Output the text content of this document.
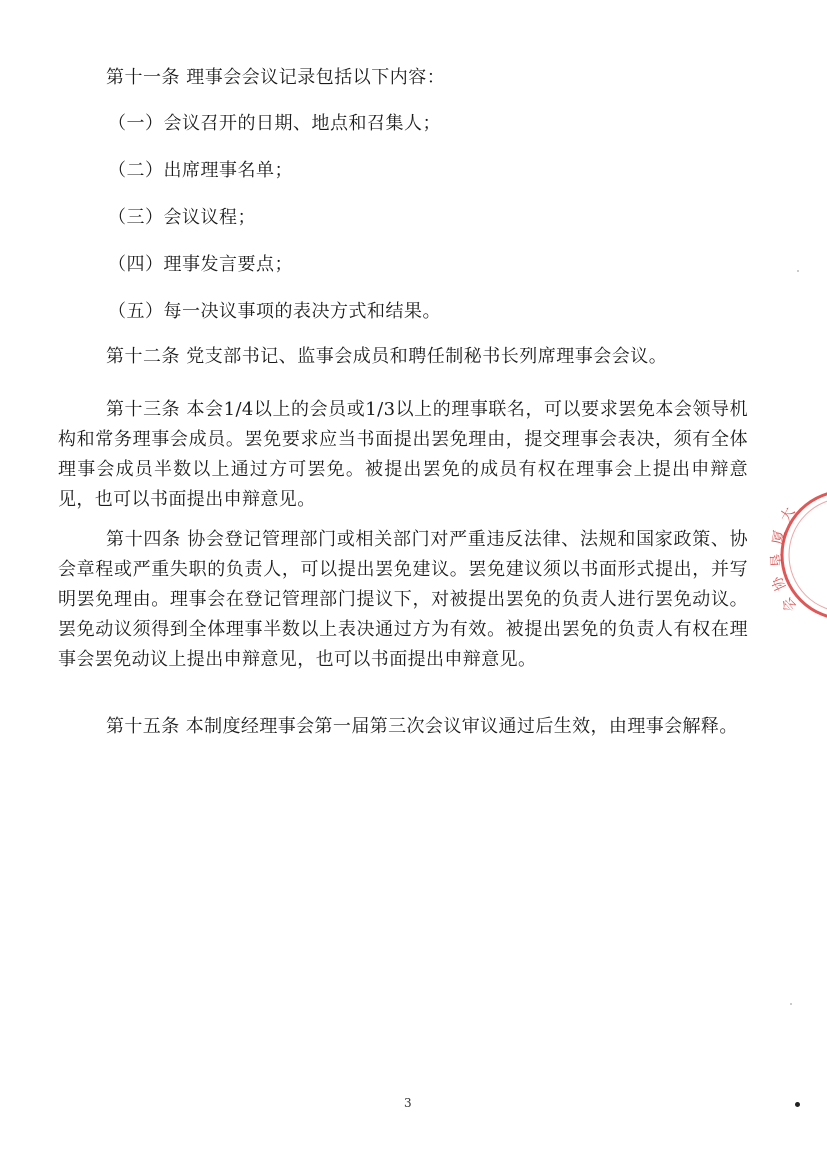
第十一条 理事会会议记录包括以下内容：
（一）会议召开的日期、地点和召集人；
（二）出席理事名单；
（三）会议议程；
（四）理事发言要点；
（五）每一决议事项的表决方式和结果。
第十二条 党支部书记、监事会成员和聘任制秘书长列席理事会会议。
第十三条 本会1/4以上的会员或1/3以上的理事联名，可以要求罢免本会领导机构和常务理事会成员。罢免要求应当书面提出罢免理由，提交理事会表决，须有全体理事会成员半数以上通过方可罢免。被提出罢免的成员有权在理事会上提出申辩意见，也可以书面提出申辩意见。
第十四条 协会登记管理部门或相关部门对严重违反法律、法规和国家政策、协会章程或严重失职的负责人，可以提出罢免建议。罢免建议须以书面形式提出，并写明罢免理由。理事会在登记管理部门提议下，对被提出罢免的负责人进行罢免动议。罢免动议须得到全体理事半数以上表决通过方为有效。被提出罢免的负责人有权在理事会罢免动议上提出申辩意见，也可以书面提出申辩意见。
第十五条 本制度经理事会第一届第三次会议审议通过后生效，由理事会解释。
大
厦
垦
协
会
3
